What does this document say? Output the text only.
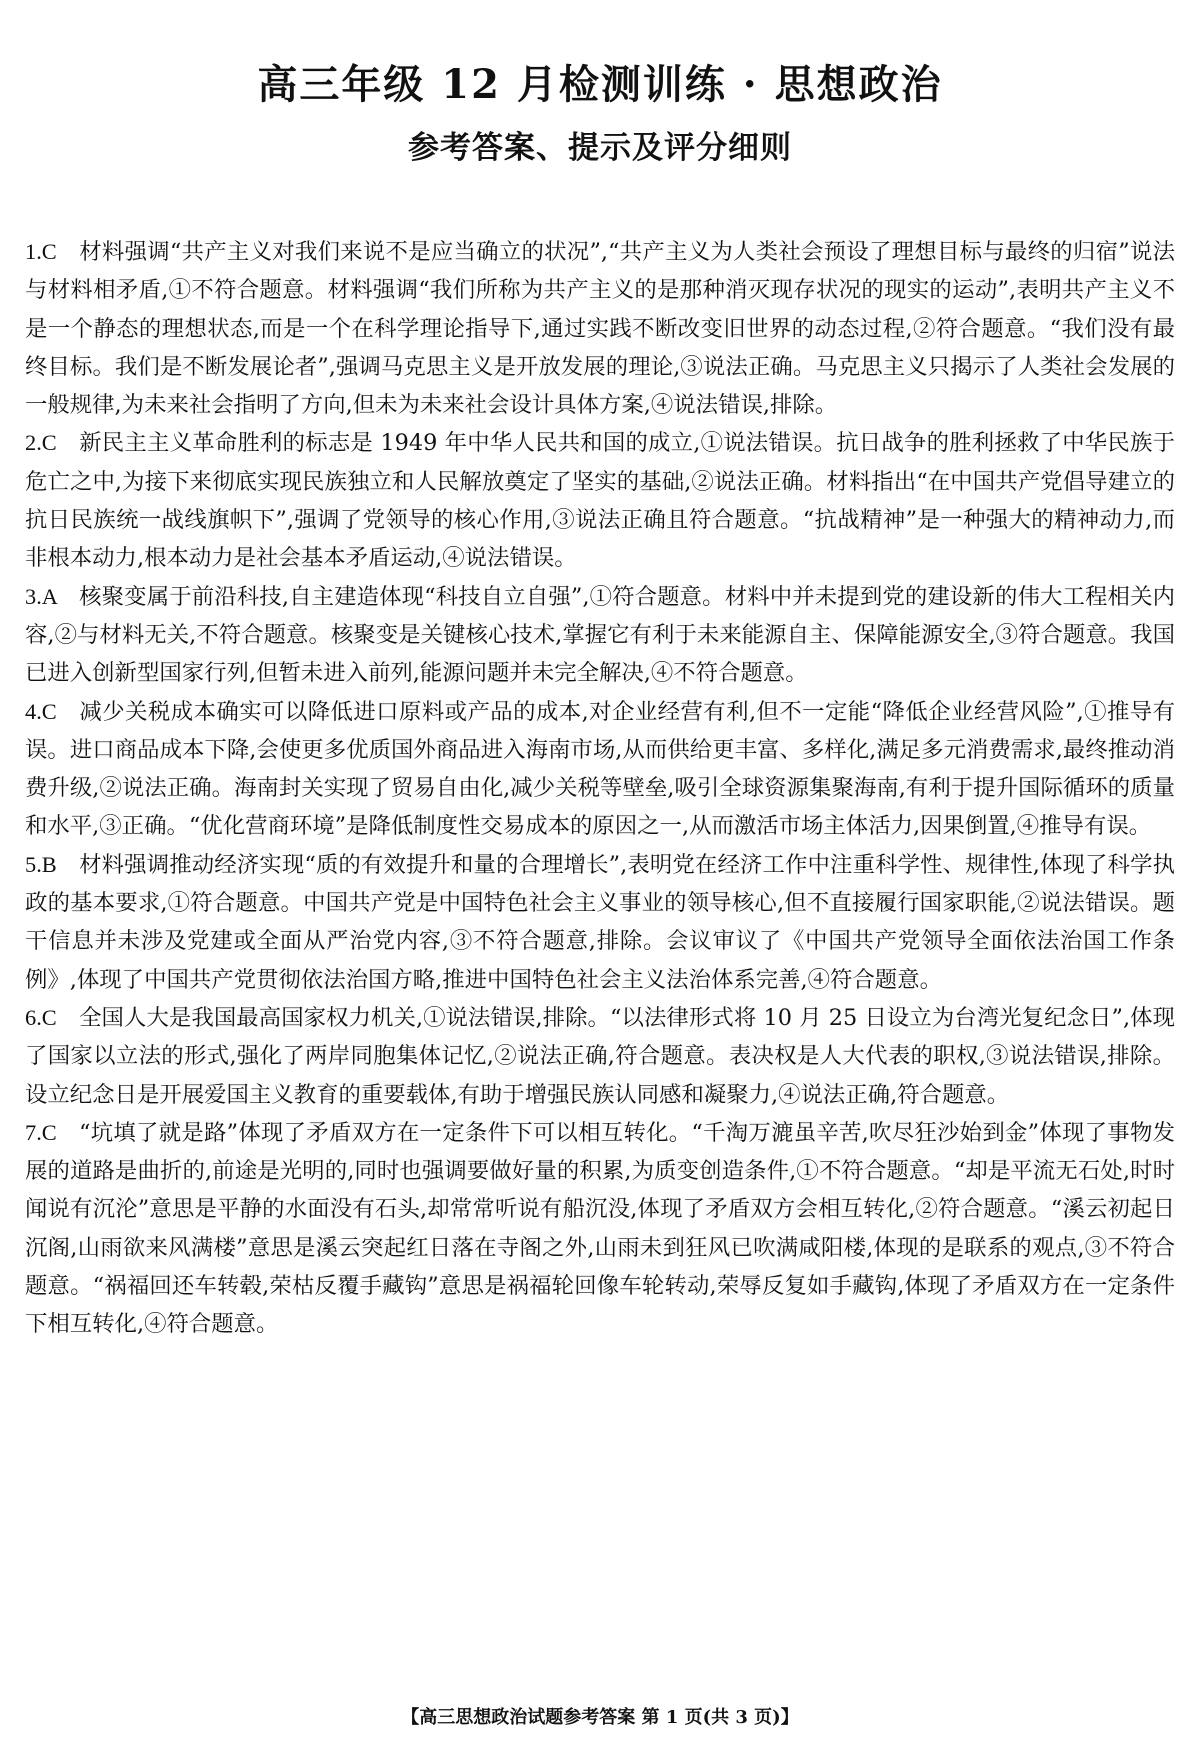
高三年级 12 月检测训练 · 思想政治
参考答案、提示及评分细则

1.C 材料强调“共产主义对我们来说不是应当确立的状况”,“共产主义为人类社会预设了理想目标与最终的归宿”说法与材料相矛盾,①不符合题意。材料强调“我们所称为共产主义的是那种消灭现存状况的现实的运动”,表明共产主义不是一个静态的理想状态,而是一个在科学理论指导下,通过实践不断改变旧世界的动态过程,②符合题意。“我们没有最终目标。我们是不断发展论者”,强调马克思主义是开放发展的理论,③说法正确。马克思主义只揭示了人类社会发展的一般规律,为未来社会指明了方向,但未为未来社会设计具体方案,④说法错误,排除。

2.C 新民主主义革命胜利的标志是 1949 年中华人民共和国的成立,①说法错误。抗日战争的胜利拯救了中华民族于危亡之中,为接下来彻底实现民族独立和人民解放奠定了坚实的基础,②说法正确。材料指出“在中国共产党倡导建立的抗日民族统一战线旗帜下”,强调了党领导的核心作用,③说法正确且符合题意。“抗战精神”是一种强大的精神动力,而非根本动力,根本动力是社会基本矛盾运动,④说法错误。

3.A 核聚变属于前沿科技,自主建造体现“科技自立自强”,①符合题意。材料中并未提到党的建设新的伟大工程相关内容,②与材料无关,不符合题意。核聚变是关键核心技术,掌握它有利于未来能源自主、保障能源安全,③符合题意。我国已进入创新型国家行列,但暂未进入前列,能源问题并未完全解决,④不符合题意。

4.C 减少关税成本确实可以降低进口原料或产品的成本,对企业经营有利,但不一定能“降低企业经营风险”,①推导有误。进口商品成本下降,会使更多优质国外商品进入海南市场,从而供给更丰富、多样化,满足多元消费需求,最终推动消费升级,②说法正确。海南封关实现了贸易自由化,减少关税等壁垒,吸引全球资源集聚海南,有利于提升国际循环的质量和水平,③正确。“优化营商环境”是降低制度性交易成本的原因之一,从而激活市场主体活力,因果倒置,④推导有误。

5.B 材料强调推动经济实现“质的有效提升和量的合理增长”,表明党在经济工作中注重科学性、规律性,体现了科学执政的基本要求,①符合题意。中国共产党是中国特色社会主义事业的领导核心,但不直接履行国家职能,②说法错误。题干信息并未涉及党建或全面从严治党内容,③不符合题意,排除。会议审议了《中国共产党领导全面依法治国工作条例》,体现了中国共产党贯彻依法治国方略,推进中国特色社会主义法治体系完善,④符合题意。

6.C 全国人大是我国最高国家权力机关,①说法错误,排除。“以法律形式将 10 月 25 日设立为台湾光复纪念日”,体现了国家以立法的形式,强化了两岸同胞集体记忆,②说法正确,符合题意。表决权是人大代表的职权,③说法错误,排除。设立纪念日是开展爱国主义教育的重要载体,有助于增强民族认同感和凝聚力,④说法正确,符合题意。

7.C “坑填了就是路”体现了矛盾双方在一定条件下可以相互转化。“千淘万漉虽辛苦,吹尽狂沙始到金”体现了事物发展的道路是曲折的,前途是光明的,同时也强调要做好量的积累,为质变创造条件,①不符合题意。“却是平流无石处,时时闻说有沉沦”意思是平静的水面没有石头,却常常听说有船沉没,体现了矛盾双方会相互转化,②符合题意。“溪云初起日沉阁,山雨欲来风满楼”意思是溪云突起红日落在寺阁之外,山雨未到狂风已吹满咸阳楼,体现的是联系的观点,③不符合题意。“祸福回还车转毂,荣枯反覆手藏钩”意思是祸福轮回像车轮转动,荣辱反复如手藏钩,体现了矛盾双方在一定条件下相互转化,④符合题意。

【高三思想政治试题参考答案 第 1 页(共 3 页)】
